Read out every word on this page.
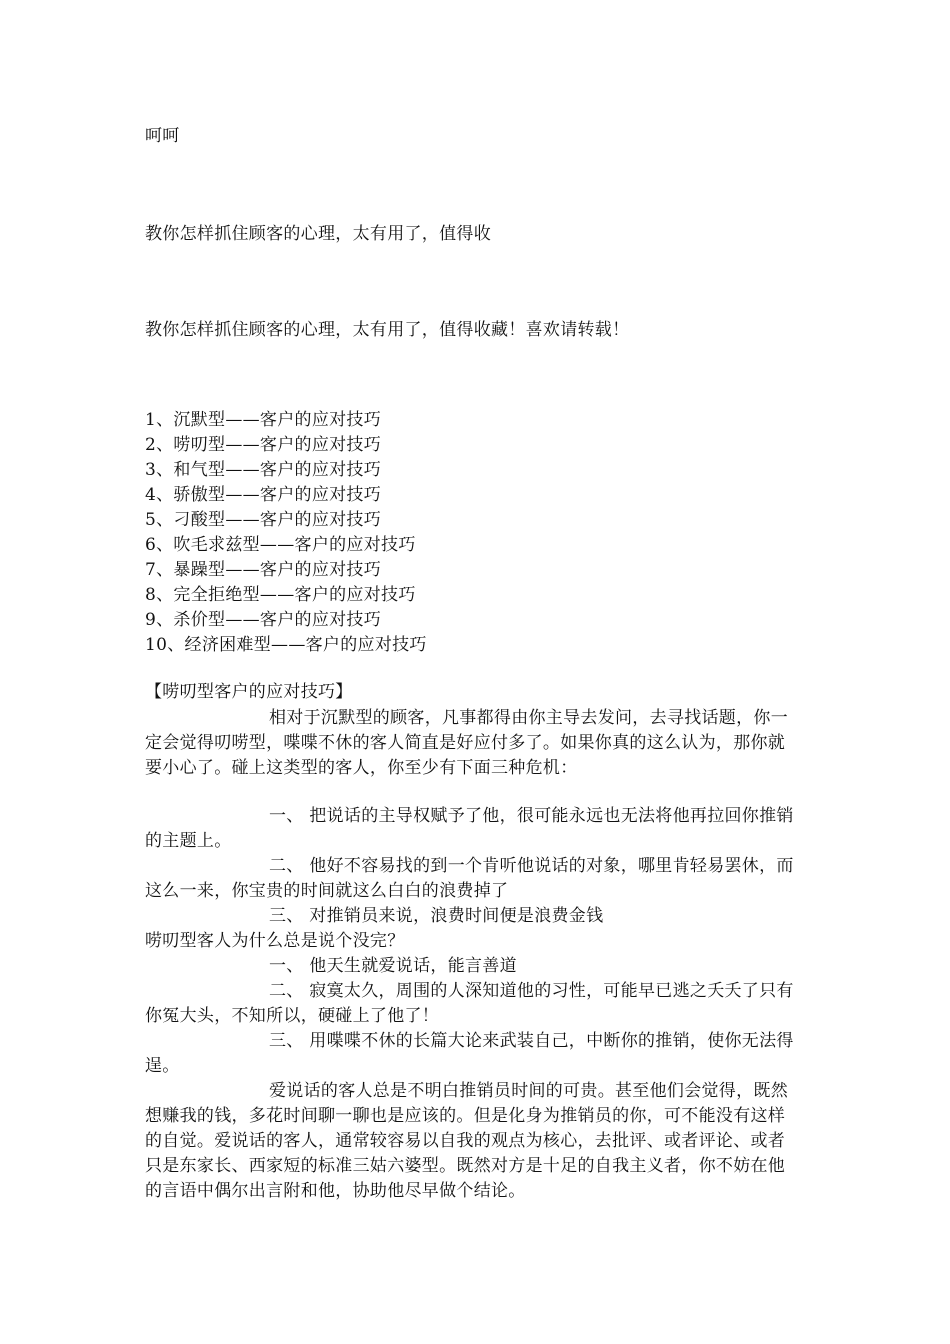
呵呵
教你怎样抓住顾客的心理，太有用了，值得收
教你怎样抓住顾客的心理，太有用了，值得收藏！喜欢请转载！
1、沉默型——客户的应对技巧
2、唠叨型——客户的应对技巧
3、和气型——客户的应对技巧
4、骄傲型——客户的应对技巧
5、刁酸型——客户的应对技巧
6、吹毛求兹型——客户的应对技巧
7、暴躁型——客户的应对技巧
8、完全拒绝型——客户的应对技巧
9、杀价型——客户的应对技巧
10、经济困难型——客户的应对技巧
【唠叨型客户的应对技巧】
相对于沉默型的顾客，凡事都得由你主导去发问，去寻找话题，你一定会觉得叨唠型，喋喋不休的客人简直是好应付多了。如果你真的这么认为，那你就要小心了。碰上这类型的客人，你至少有下面三种危机：
一、 把说话的主导权赋予了他，很可能永远也无法将他再拉回你推销的主题上。
二、 他好不容易找的到一个肯听他说话的对象，哪里肯轻易罢休，而这么一来，你宝贵的时间就这么白白的浪费掉了
三、 对推销员来说，浪费时间便是浪费金钱
唠叨型客人为什么总是说个没完？
一、 他天生就爱说话，能言善道
二、 寂寞太久，周围的人深知道他的习性，可能早已逃之夭夭了只有你冤大头，不知所以，硬碰上了他了！
三、 用喋喋不休的长篇大论来武装自己，中断你的推销，使你无法得逞。
爱说话的客人总是不明白推销员时间的可贵。甚至他们会觉得，既然想赚我的钱，多花时间聊一聊也是应该的。但是化身为推销员的你，可不能没有这样的自觉。爱说话的客人，通常较容易以自我的观点为核心，去批评、或者评论、或者只是东家长、西家短的标准三姑六婆型。既然对方是十足的自我主义者，你不妨在他的言语中偶尔出言附和他，协助他尽早做个结论。
